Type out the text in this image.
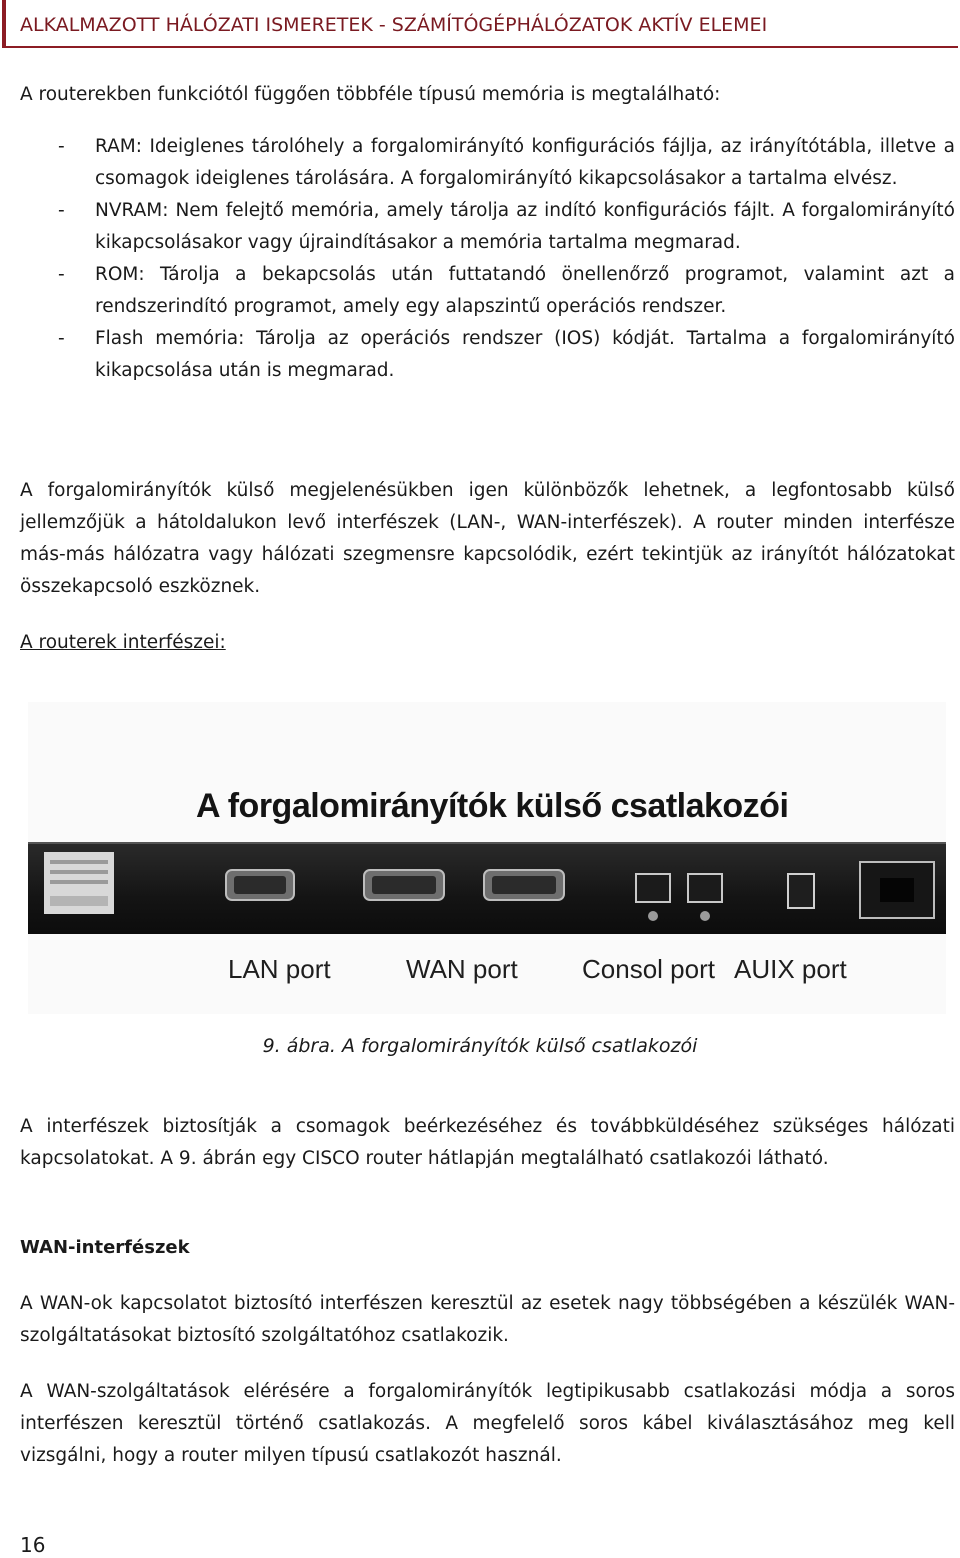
ALKALMAZOTT HÁLÓZATI ISMERETEK - SZÁMÍTÓGÉPHÁLÓZATOK AKTÍV ELEMEI

A routerekben funkciótól függően többféle típusú memória is megtalálható:

- RAM: Ideiglenes tárolóhely a forgalomirányító konfigurációs fájlja, az irányítótábla, illetve a csomagok ideiglenes tárolására. A forgalomirányító kikapcsolásakor a tartalma elvész.
- NVRAM: Nem felejtő memória, amely tárolja az indító konfigurációs fájlt. A forgalomirányító kikapcsolásakor vagy újraindításakor a memória tartalma megmarad.
- ROM: Tárolja a bekapcsolás után futtatandó önellenőrző programot, valamint azt a rendszerindító programot, amely egy alapszintű operációs rendszer.
- Flash memória: Tárolja az operációs rendszer (IOS) kódját. Tartalma a forgalomirányító kikapcsolása után is megmarad.

A forgalomirányítók külső megjelenésükben igen különbözők lehetnek, a legfontosabb külső jellemzőjük a hátoldalukon levő interfészek (LAN-, WAN-interfészek). A router minden interfésze más-más hálózatra vagy hálózati szegmensre kapcsolódik, ezért tekintjük az irányítót hálózatokat összekapcsoló eszköznek.

A routerek interfészei:

A forgalomirányítók külső csatlakozói
LAN port	WAN port Consol port AUIX port
9. ábra. A forgalomirányítók külső csatlakozói

A interfészek biztosítják a csomagok beérkezéséhez és továbbküldéséhez szükséges hálózati kapcsolatokat. A 9. ábrán egy CISCO router hátlapján megtalálható csatlakozói látható.

WAN-interfészek

A WAN-ok kapcsolatot biztosító interfészen keresztül az esetek nagy többségében a készülék WAN-szolgáltatásokat biztosító szolgáltatóhoz csatlakozik.

A WAN-szolgáltatások elérésére a forgalomirányítók legtipikusabb csatlakozási módja a soros interfészen keresztül történő csatlakozás. A megfelelő soros kábel kiválasztásához meg kell vizsgálni, hogy a router milyen típusú csatlakozót használ.

16
